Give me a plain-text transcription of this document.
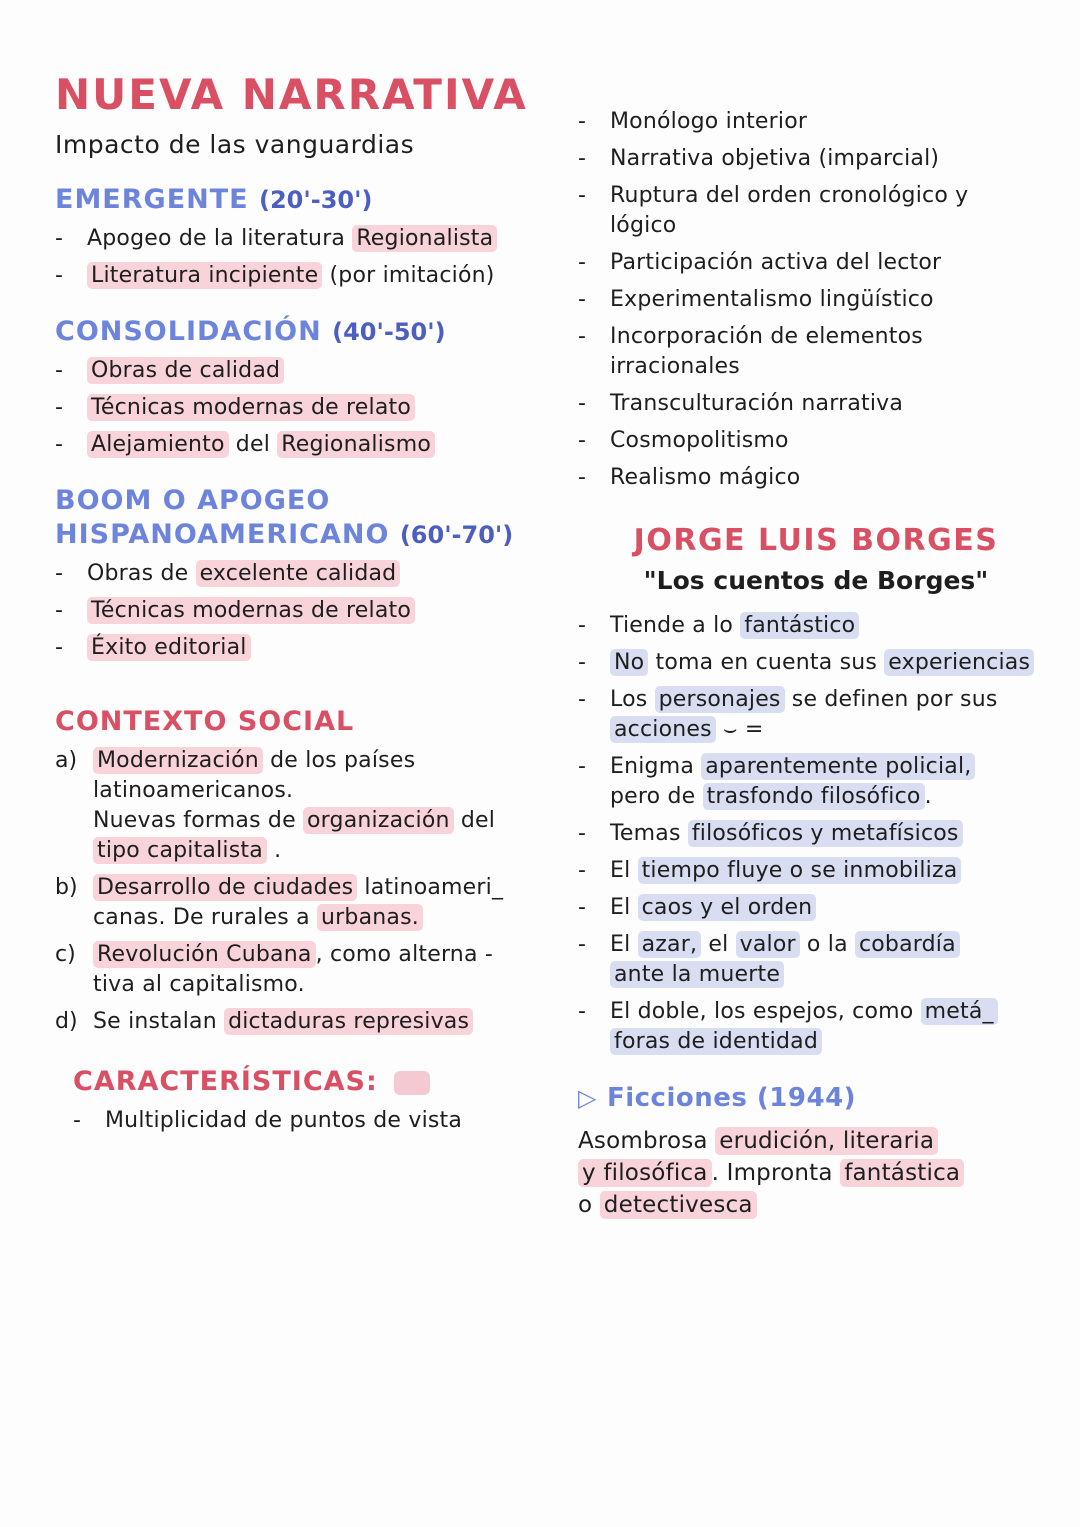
NUEVA NARRATIVA
Impacto de las vanguardias
EMERGENTE (20'-30')
-	Apogeo de la literatura Regionalista
-	Literatura incipiente (por imitación)
CONSOLIDACIÓN (40'-50')
-	Obras de calidad
-	Técnicas modernas de relato
-	Alejamiento del Regionalismo
BOOM O APOGEO
HISPANOAMERICANO (60'-70')
-	Obras de excelente calidad
-	Técnicas modernas de relato
-	Éxito editorial
CONTEXTO SOCIAL
a) Modernización de los países
latinoamericanos.
Nuevas formas de organización del
tipo capitalista .
b) Desarrollo de ciudades latinoameri_
canas. De rurales a urbanas.
c) Revolución Cubana , como alterna -
tiva al capitalismo.
d) Se instalan dictaduras represivas
CARACTERÍSTICAS:
-	Multiplicidad de puntos de vista
-	Monólogo interior
-	Narrativa objetiva (imparcial)
-	Ruptura del orden cronológico y
lógico
-	Participación activa del lector
-	Experimentalismo lingüístico
-	Incorporación de elementos
irracionales
-	Transculturación narrativa
-	Cosmopolitismo
-	Realismo mágico
JORGE LUIS BORGES
"Los cuentos de Borges"
-	Tiende a lo fantástico
-	No toma en cuenta sus experiencias
-	Los personajes se definen por sus
acciones ⌣ =
-	Enigma aparentemente policial,
pero de trasfondo filosófico .
-	Temas filosóficos y metafísicos
-	El tiempo fluye o se inmobiliza
-	El caos y el orden
-	El azar, el valor o la cobardía
ante la muerte
-	El doble, los espejos, como metá_
foras de identidad
▷ Ficciones (1944)
Asombrosa erudición, literaria
y filosófica . Impronta fantástica
o detectivesca
